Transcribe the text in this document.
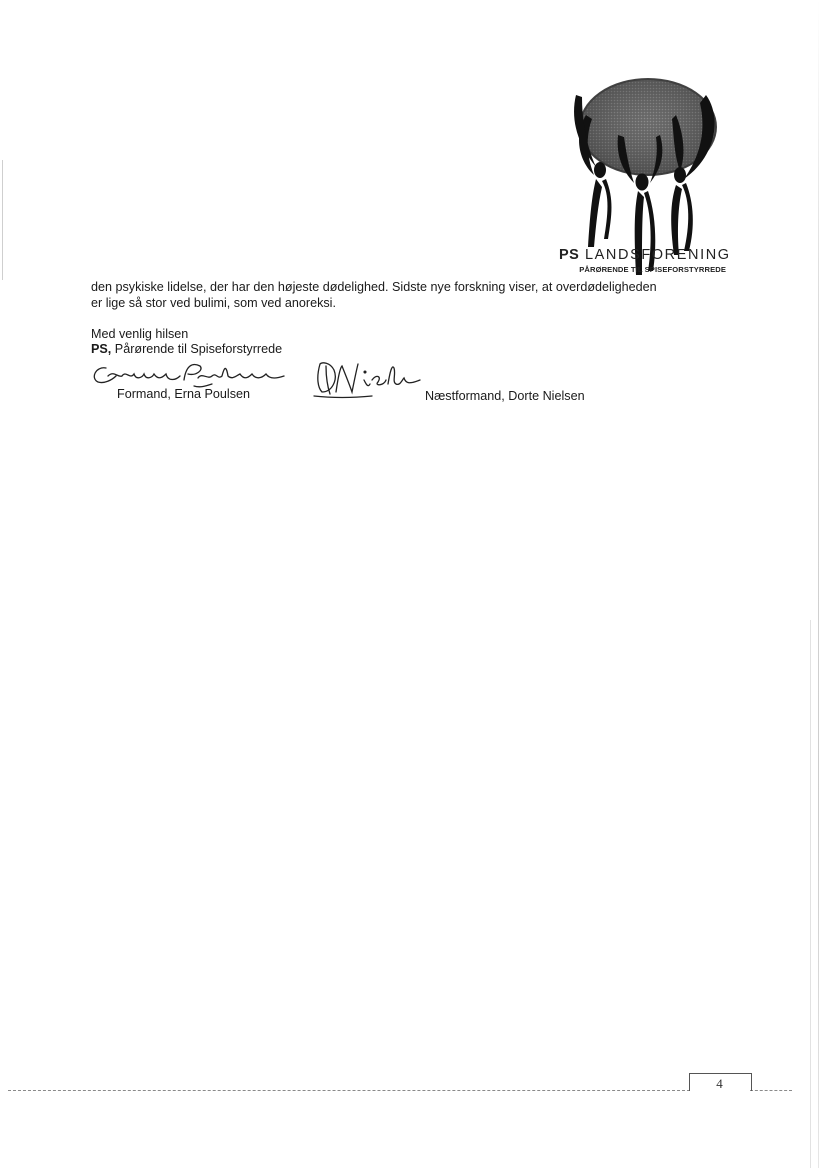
PS LANDSFORENING
PÅRØRENDE TIL SPISEFORSTYRREDE

den psykiske lidelse, der har den højeste dødelighed. Sidste nye forskning viser, at overdødeligheden

er lige så stor ved bulimi, som ved anoreksi.

Med venlig hilsen
PS, Pårørende til Spiseforstyrrede
Formand, Erna Poulsen	Næstformand, Dorte Nielsen
4
